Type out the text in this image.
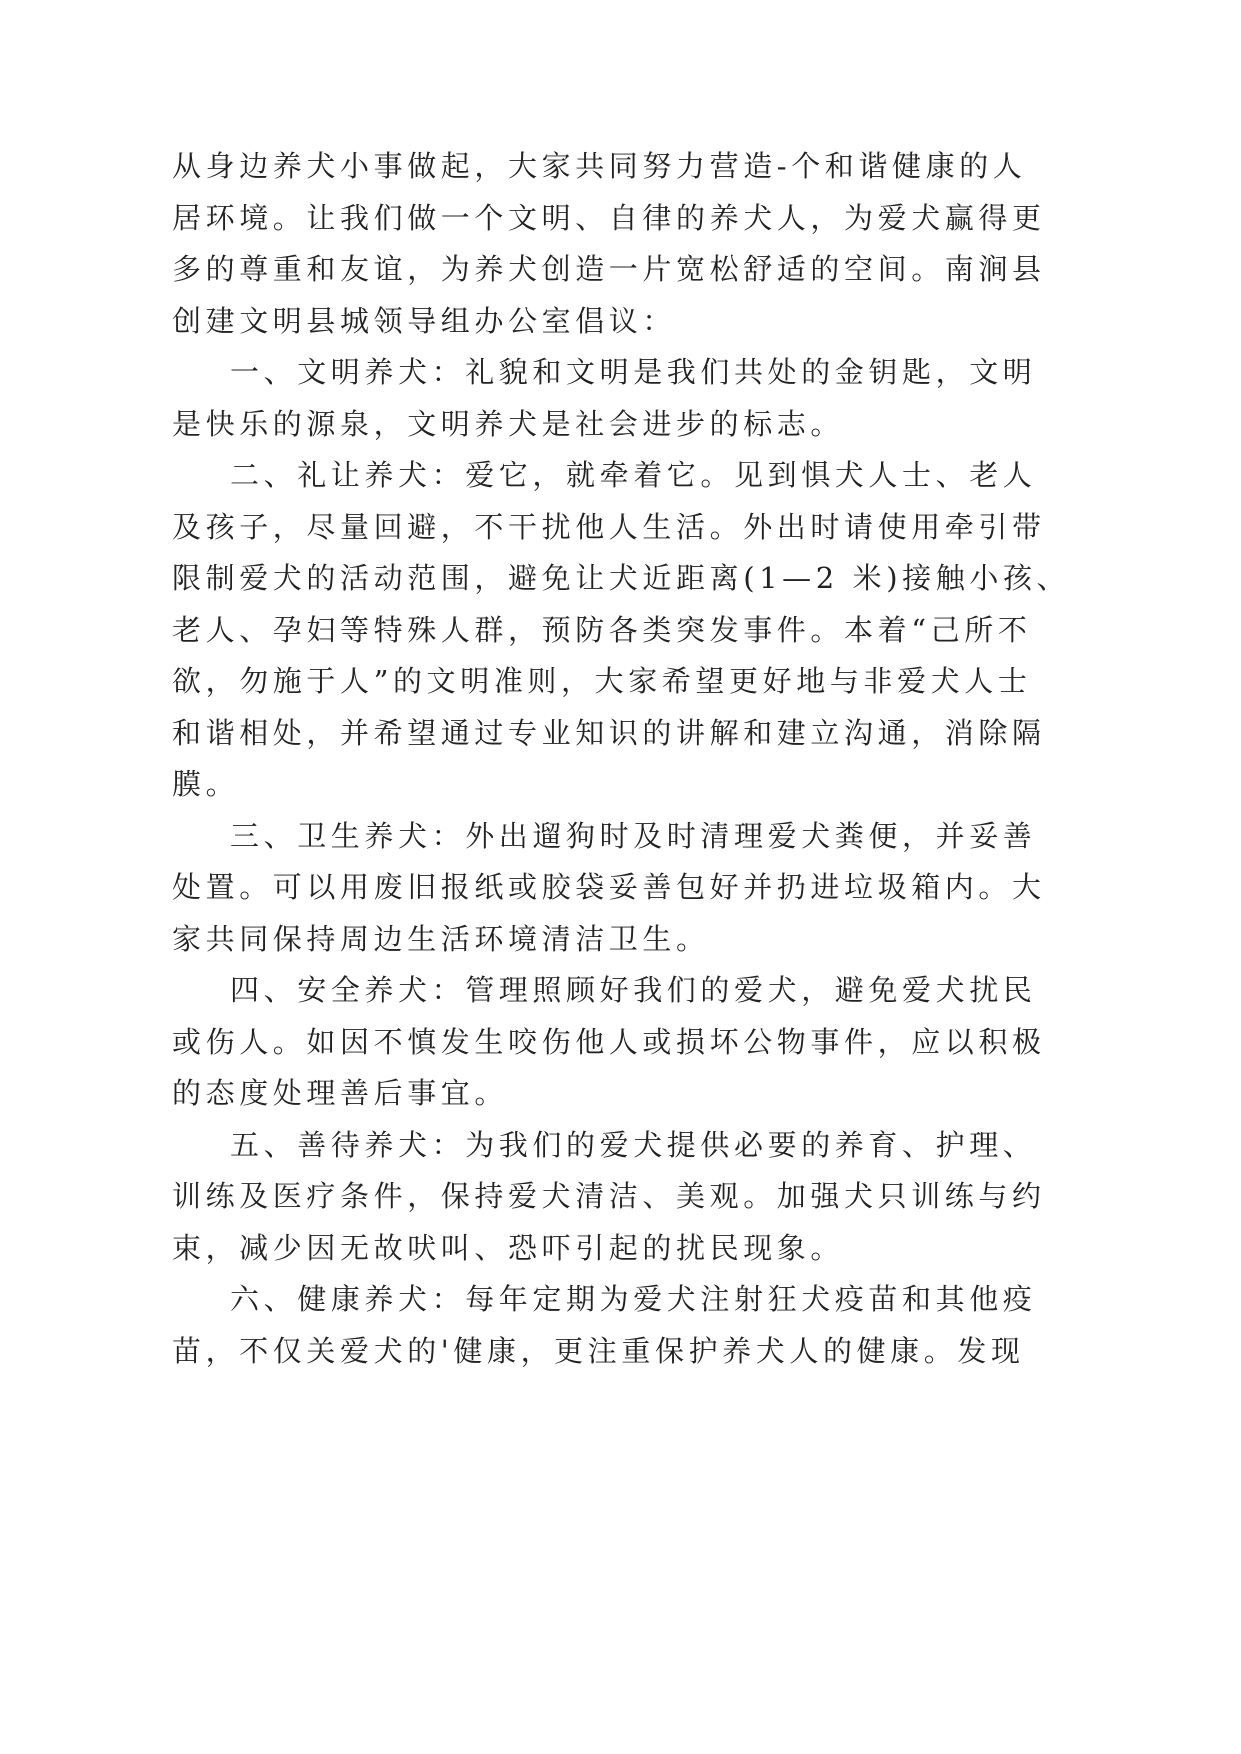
从身边养犬小事做起，大家共同努力营造-个和谐健康的人
居环境。让我们做一个文明、自律的养犬人，为爱犬赢得更
多的尊重和友谊，为养犬创造一片宽松舒适的空间。南涧县
创建文明县城领导组办公室倡议：

一、文明养犬：礼貌和文明是我们共处的金钥匙，文明
是快乐的源泉，文明养犬是社会进步的标志。

二、礼让养犬：爱它，就牵着它。见到惧犬人士、老人
及孩子，尽量回避，不干扰他人生活。外出时请使用牵引带
限制爱犬的活动范围，避免让犬近距离(1—2 米)接触小孩、
老人、孕妇等特殊人群，预防各类突发事件。本着“己所不
欲，勿施于人”的文明准则，大家希望更好地与非爱犬人士
和谐相处，并希望通过专业知识的讲解和建立沟通，消除隔
膜。

三、卫生养犬：外出遛狗时及时清理爱犬粪便，并妥善
处置。可以用废旧报纸或胶袋妥善包好并扔进垃圾箱内。大
家共同保持周边生活环境清洁卫生。

四、安全养犬：管理照顾好我们的爱犬，避免爱犬扰民
或伤人。如因不慎发生咬伤他人或损坏公物事件，应以积极
的态度处理善后事宜。

五、善待养犬：为我们的爱犬提供必要的养育、护理、
训练及医疗条件，保持爱犬清洁、美观。加强犬只训练与约
束，减少因无故吠叫、恐吓引起的扰民现象。

六、健康养犬：每年定期为爱犬注射狂犬疫苗和其他疫
苗，不仅关爱犬的'健康，更注重保护养犬人的健康。发现
